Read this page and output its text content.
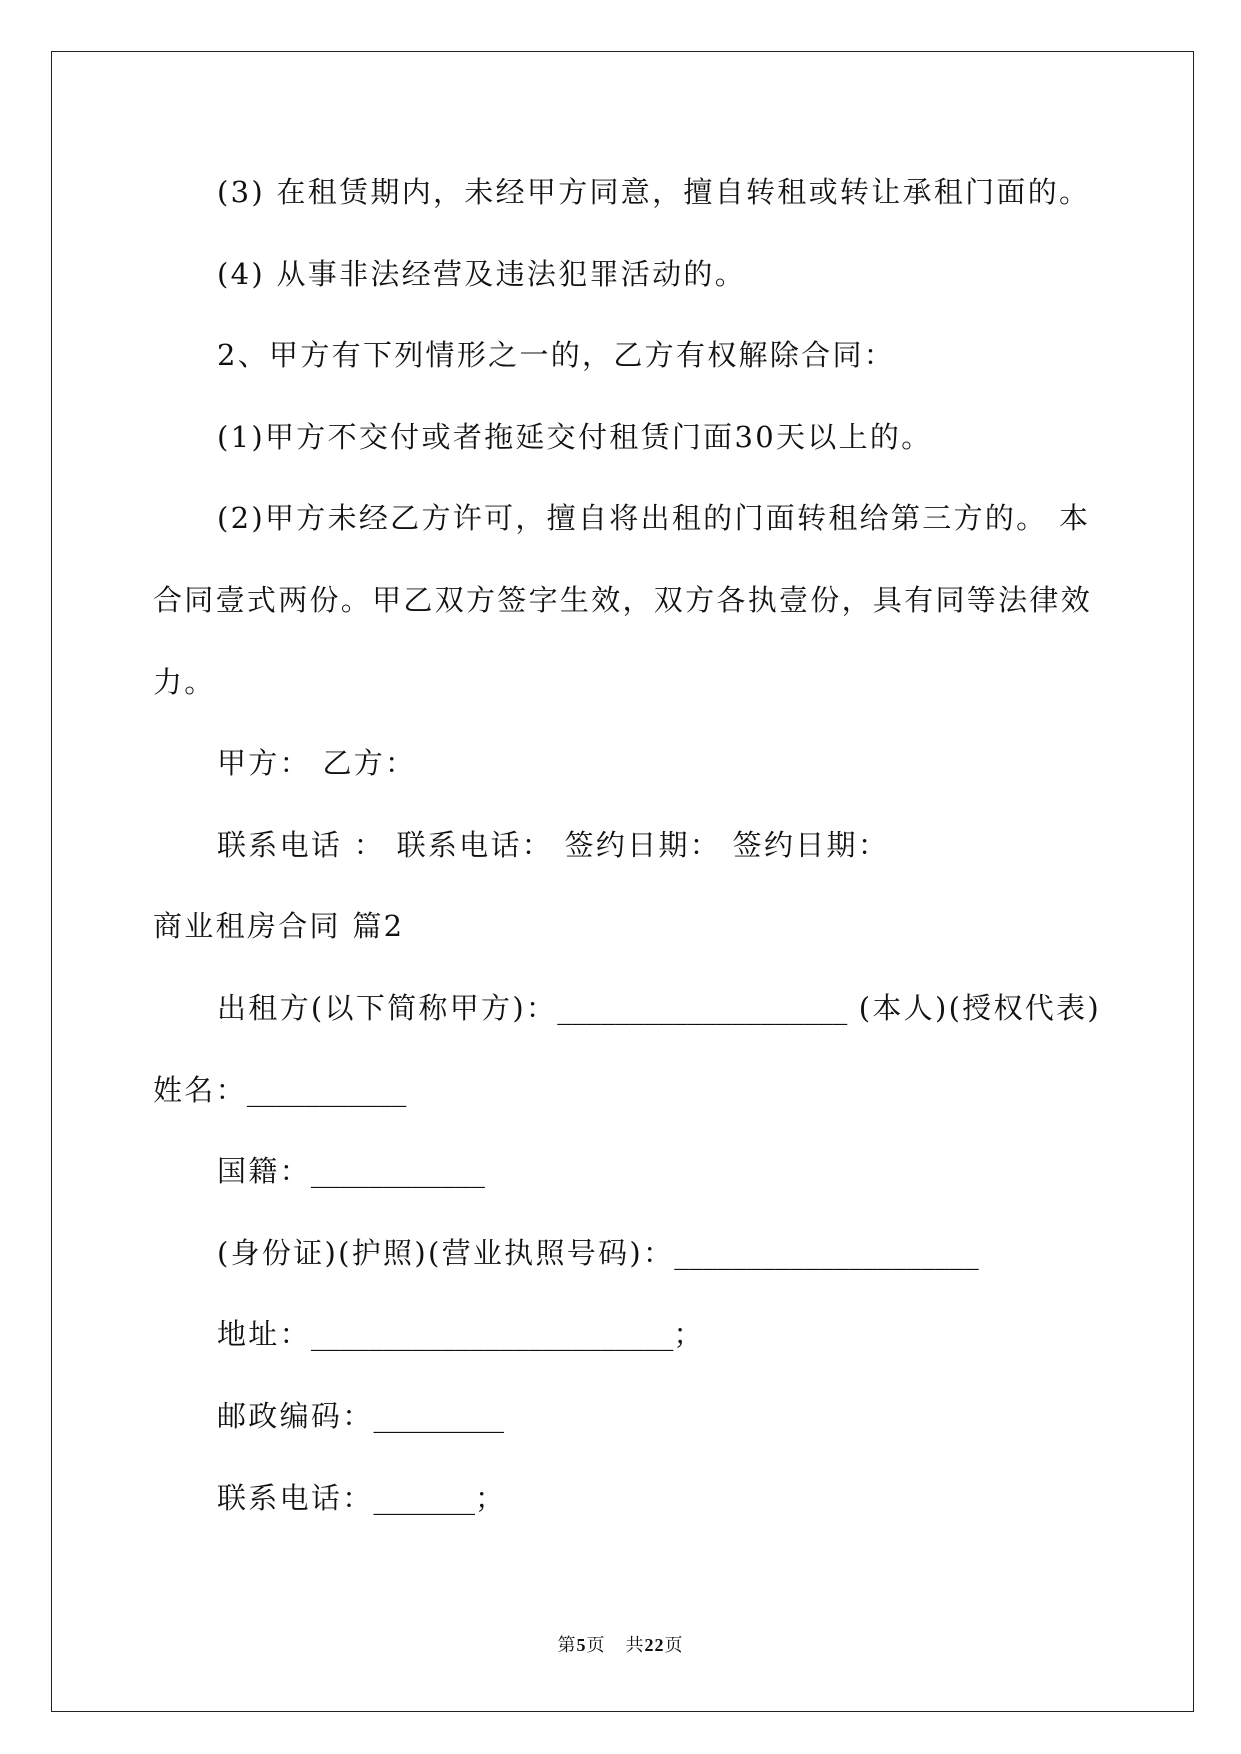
(3) 在租赁期内，未经甲方同意，擅自转租或转让承租门面的。
(4) 从事非法经营及违法犯罪活动的。
2、甲方有下列情形之一的，乙方有权解除合同：
(1)甲方不交付或者拖延交付租赁门面30天以上的。
(2)甲方未经乙方许可，擅自将出租的门面转租给第三方的。 本
合同壹式两份。甲乙双方签字生效，双方各执壹份，具有同等法律效
力。
甲方： 乙方：
联系电话 ： 联系电话： 签约日期： 签约日期：
商业租房合同 篇2
出租方(以下简称甲方)：____________________ (本人)(授权代表)
姓名：___________
国籍：____________
(身份证)(护照)(营业执照号码)：_____________________
地址：_________________________；
邮政编码：_________
联系电话：_______；
第5页 共22页
